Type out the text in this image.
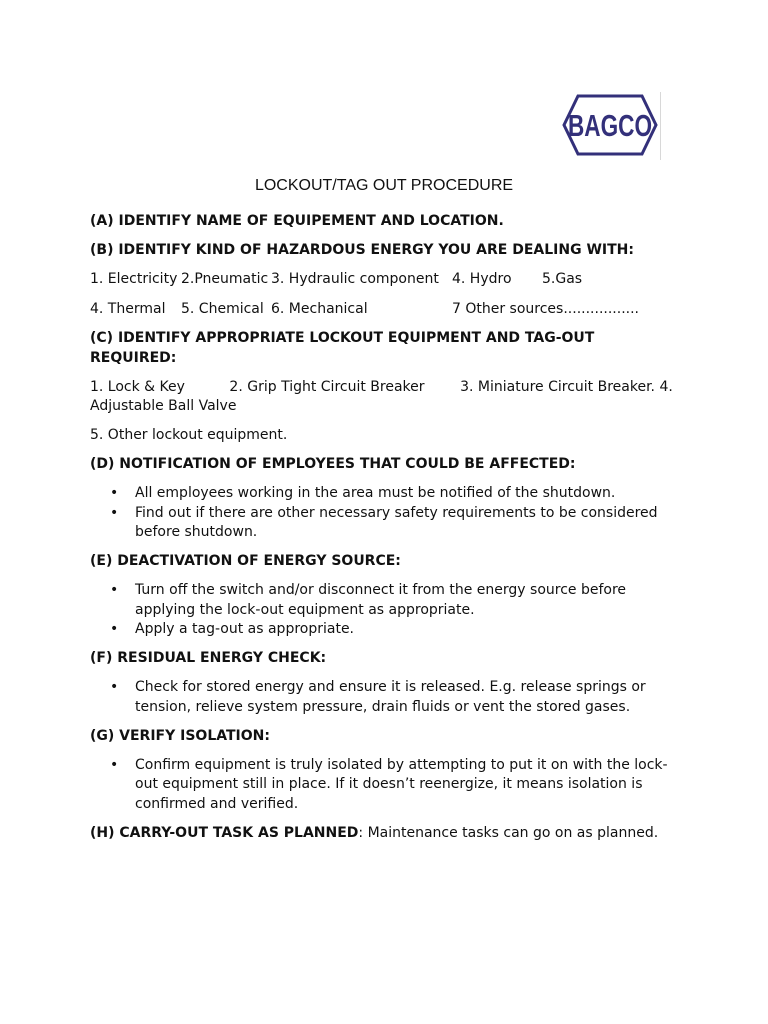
BAGCO
LOCKOUT/TAG OUT PROCEDURE

(A) IDENTIFY NAME OF EQUIPEMENT AND LOCATION.

(B) IDENTIFY KIND OF HAZARDOUS ENERGY YOU ARE DEALING WITH:

1. Electricity 2.Pneumatic 3. Hydraulic component 4. Hydro 5.Gas
4. Thermal 5. Chemical 6. Mechanical	7 Other sources.................

(C) IDENTIFY APPROPRIATE LOCKOUT EQUIPMENT AND TAG-OUT REQUIRED:

1. Lock & Key          2. Grip Tight Circuit Breaker        3. Miniature Circuit Breaker. 4. Adjustable Ball Valve

5. Other lockout equipment.

(D) NOTIFICATION OF EMPLOYEES THAT COULD BE AFFECTED:

• All employees working in the area must be notified of the shutdown.
• Find out if there are other necessary safety requirements to be considered before shutdown.

(E) DEACTIVATION OF ENERGY SOURCE:

• Turn off the switch and/or disconnect it from the energy source before applying the lock-out equipment as appropriate.
• Apply a tag-out as appropriate.

(F) RESIDUAL ENERGY CHECK:

• Check for stored energy and ensure it is released. E.g. release springs or tension, relieve system pressure, drain fluids or vent the stored gases.

(G) VERIFY ISOLATION:

• Confirm equipment is truly isolated by attempting to put it on with the lock-out equipment still in place. If it doesn’t reenergize, it means isolation is confirmed and verified.

(H) CARRY-OUT TASK AS PLANNED: Maintenance tasks can go on as planned.
